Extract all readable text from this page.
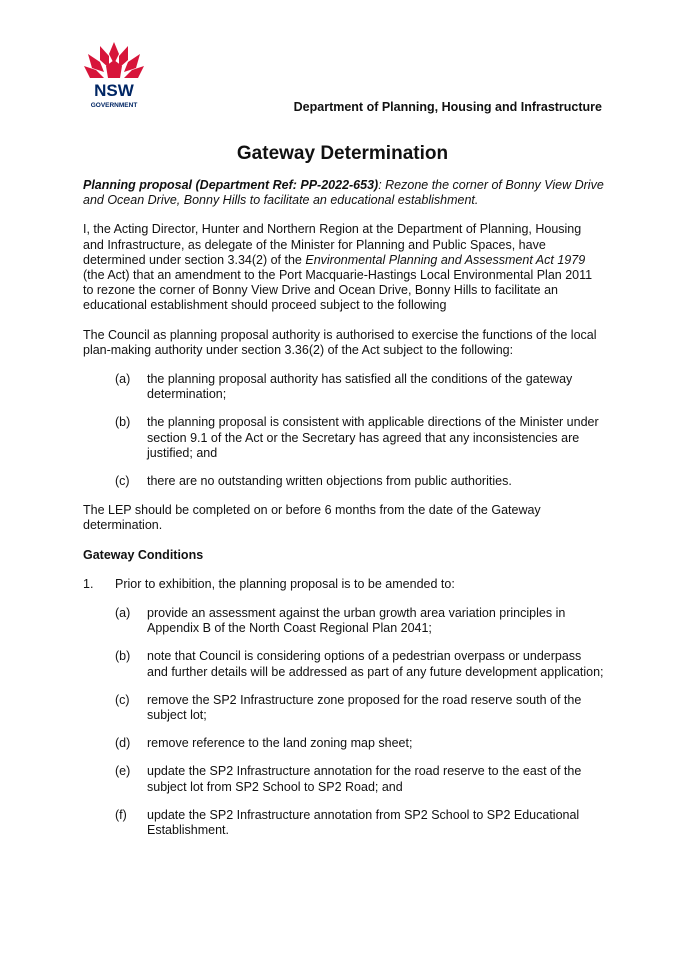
NSW
GOVERNMENT	Department of Planning, Housing and Infrastructure
Gateway Determination

Planning proposal (Department Ref: PP-2022-653): Rezone the corner of Bonny View Drive and Ocean Drive, Bonny Hills to facilitate an educational establishment.

I, the Acting Director, Hunter and Northern Region at the Department of Planning, Housing and Infrastructure, as delegate of the Minister for Planning and Public Spaces, have determined under section 3.34(2) of the Environmental Planning and Assessment Act 1979 (the Act) that an amendment to the Port Macquarie-Hastings Local Environmental Plan 2011 to rezone the corner of Bonny View Drive and Ocean Drive, Bonny Hills to facilitate an educational establishment should proceed subject to the following

The Council as planning proposal authority is authorised to exercise the functions of the local plan-making authority under section 3.36(2) of the Act subject to the following:

(a)	the planning proposal authority has satisfied all the conditions of the gateway determination;
(b)	the planning proposal is consistent with applicable directions of the Minister under section 9.1 of the Act or the Secretary has agreed that any inconsistencies are justified; and
(c)	there are no outstanding written objections from public authorities.

The LEP should be completed on or before 6 months from the date of the Gateway determination.

Gateway Conditions
1.	Prior to exhibition, the planning proposal is to be amended to:
(a)	provide an assessment against the urban growth area variation principles in Appendix B of the North Coast Regional Plan 2041;
(b)	note that Council is considering options of a pedestrian overpass or underpass and further details will be addressed as part of any future development application;
(c)	remove the SP2 Infrastructure zone proposed for the road reserve south of the subject lot;
(d)	remove reference to the land zoning map sheet;
(e)	update the SP2 Infrastructure annotation for the road reserve to the east of the subject lot from SP2 School to SP2 Road; and
(f)	update the SP2 Infrastructure annotation from SP2 School to SP2 Educational Establishment.
